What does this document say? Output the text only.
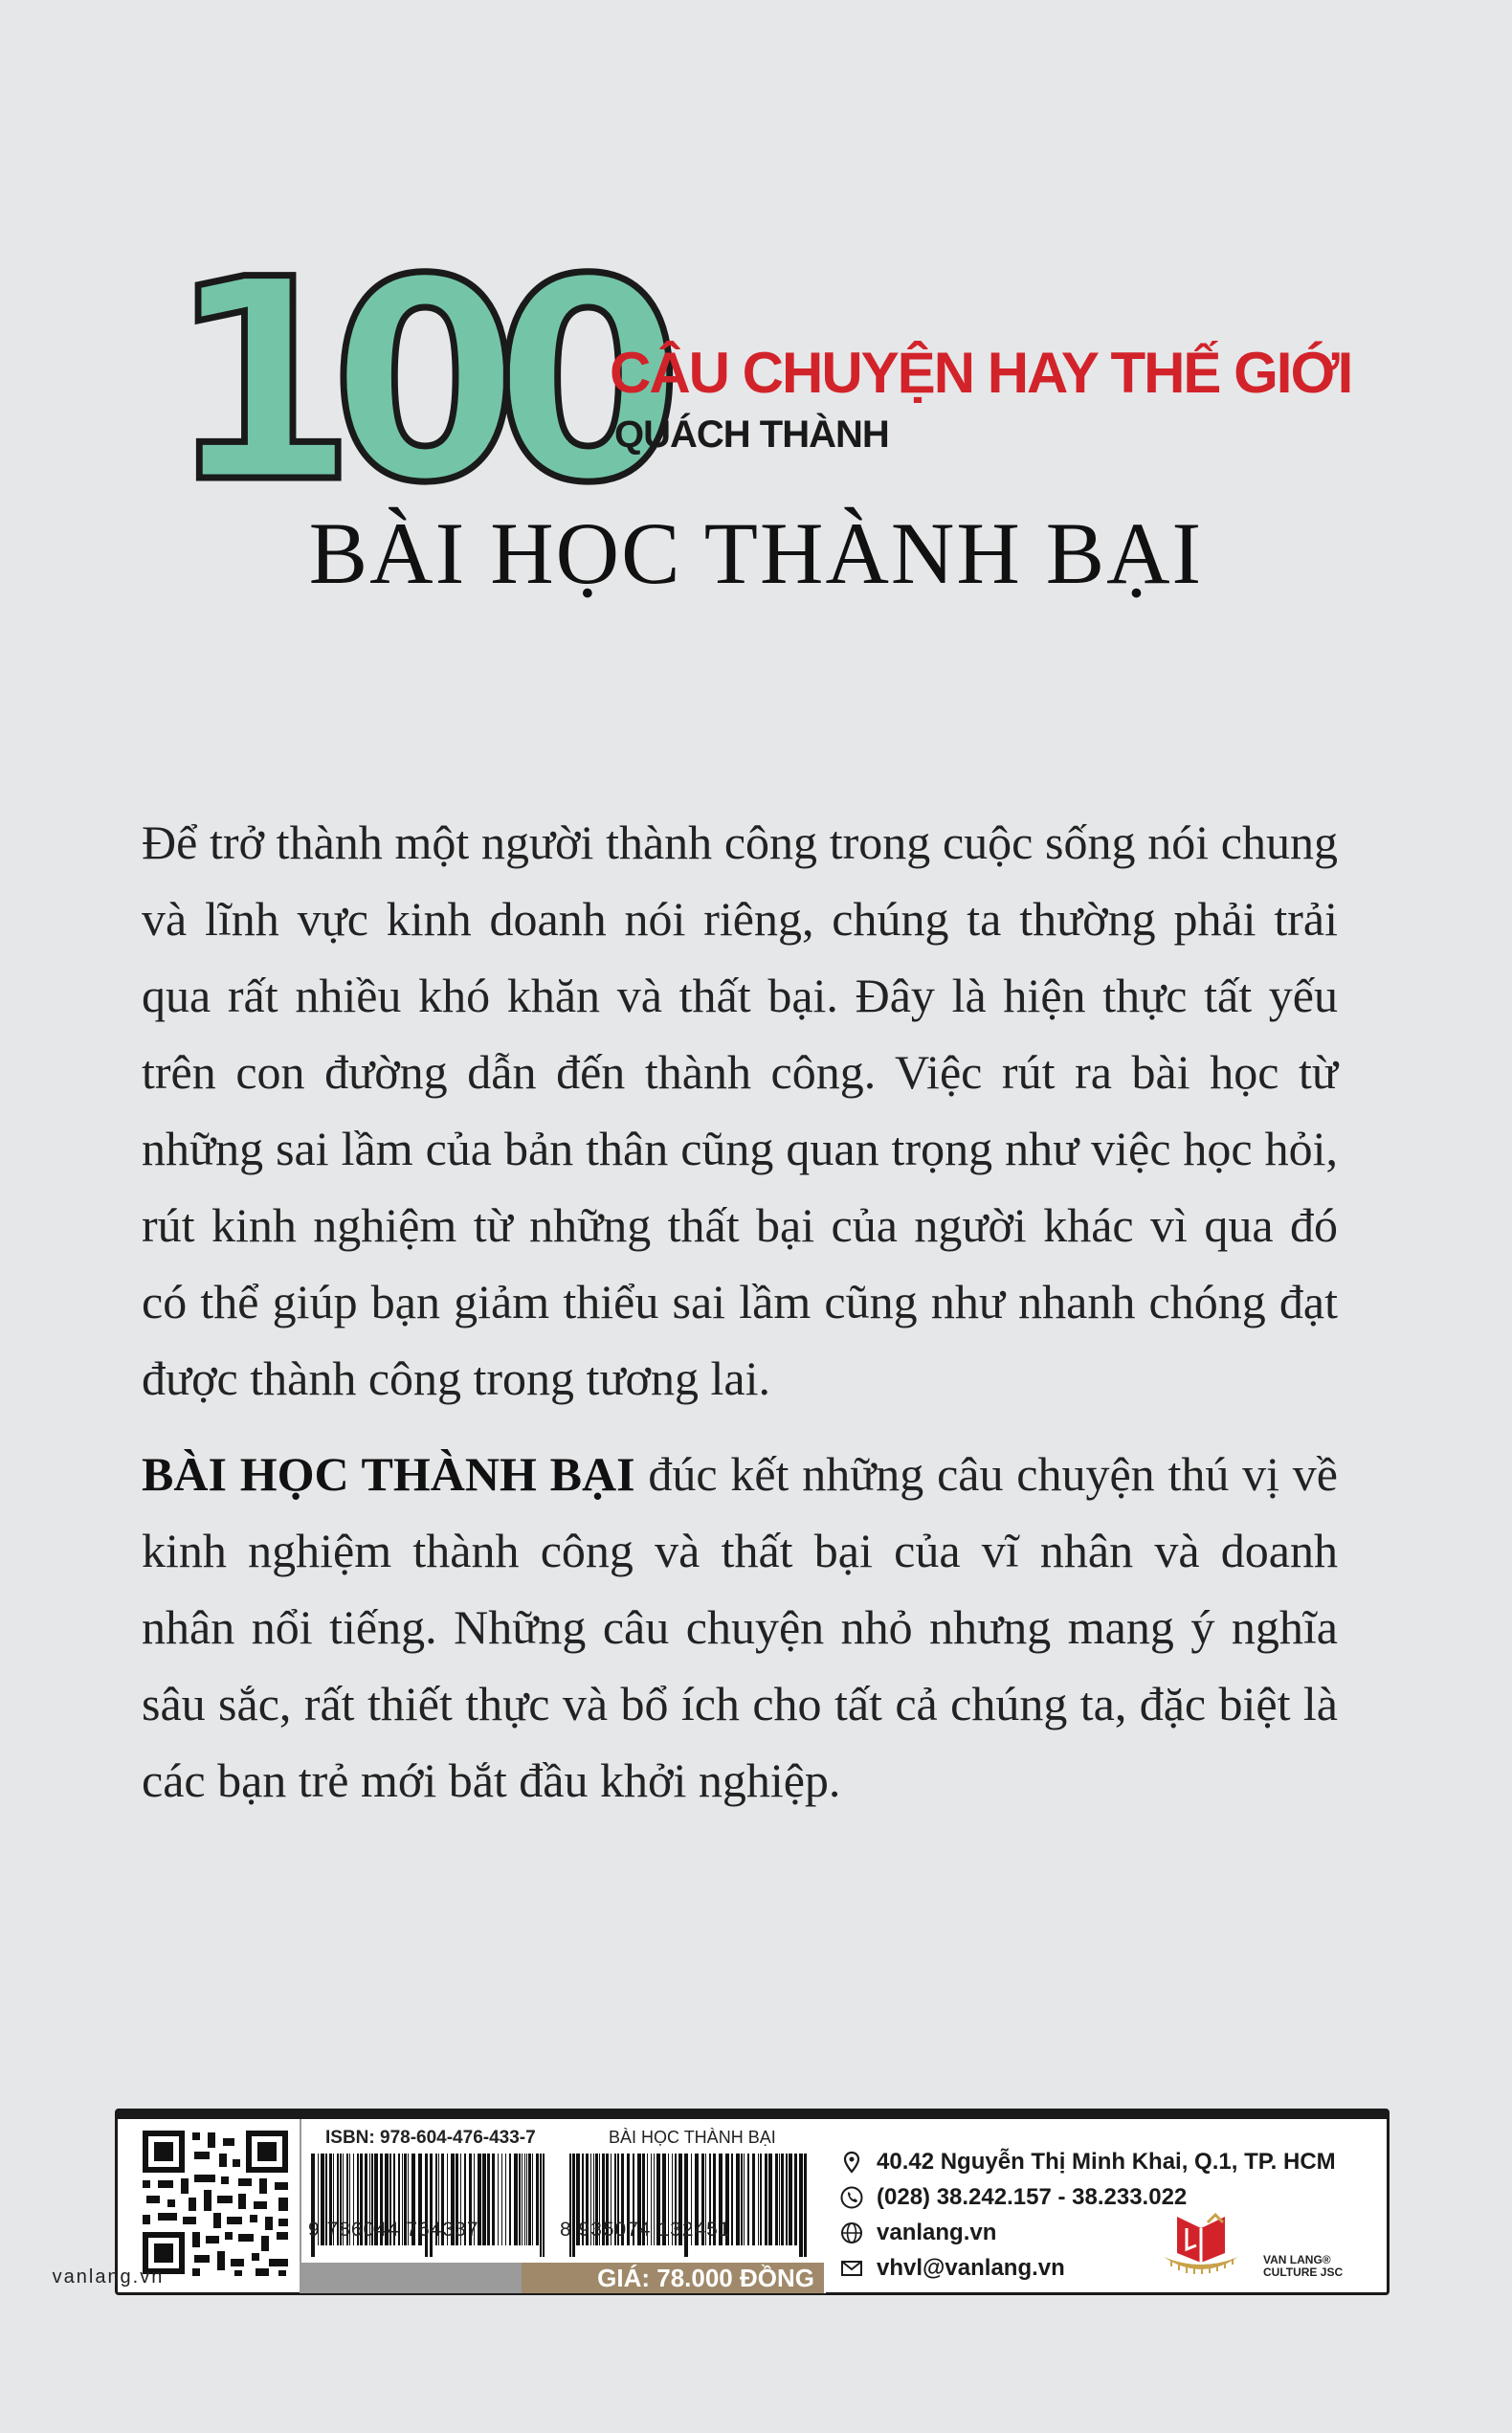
100
CÂU CHUYỆN HAY THẾ GIỚI
QUÁCH THÀNH
BÀI HỌC THÀNH BẠI

Để trở thành một người thành công trong cuộc sống nói chung và lĩnh vực kinh doanh nói riêng, chúng ta thường phải trải qua rất nhiều khó khăn và thất bại. Đây là hiện thực tất yếu trên con đường dẫn đến thành công. Việc rút ra bài học từ những sai lầm của bản thân cũng quan trọng như việc học hỏi, rút kinh nghiệm từ những thất bại của người khác vì qua đó có thể giúp bạn giảm thiểu sai lầm cũng như nhanh chóng đạt được thành công trong tương lai.

BÀI HỌC THÀNH BẠI đúc kết những câu chuyện thú vị về kinh nghiệm thành công và thất bại của vĩ nhân và doanh nhân nổi tiếng. Những câu chuyện nhỏ nhưng mang ý nghĩa sâu sắc, rất thiết thực và bổ ích cho tất cả chúng ta, đặc biệt là các bạn trẻ mới bắt đầu khởi nghiệp.

GIÁ: 78.000 ĐỒNG
vanlang.vn
ISBN: 978-604-476-433-7	BÀI HỌC THÀNH BẠI
9 786044 764337	8 935074 132451
40.42 Nguyễn Thị Minh Khai, Q.1, TP. HCM
(028) 38.242.157 - 38.233.022
vanlang.vn
vhvl@vanlang.vn	VAN LANG®
CULTURE JSC
